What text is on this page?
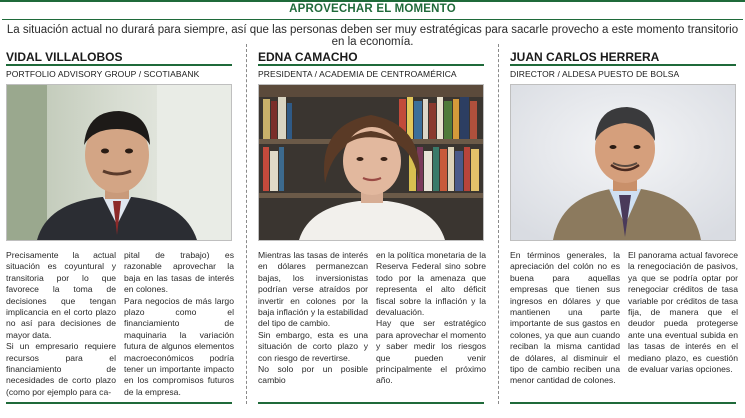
APROVECHAR EL MOMENTO
La situación actual no durará para siempre, así que las personas deben ser muy estratégicas para sacarle provecho a este momento transitorio en la economía.
VIDAL VILLALOBOS
PORTFOLIO ADVISORY GROUP / SCOTIABANK

Precisamente la actual situación es coyuntural y transitoria por lo que favorece la toma de decisiones que tengan implicancia en el corto plazo no así para decisiones de mayor data.

Si un empresario requiere recursos para el financiamiento de necesidades de corto plazo (como por ejemplo para ca-

pital de trabajo) es razonable aprovechar la baja en las tasas de interés en colones.

Para negocios de más largo plazo como el financiamiento de maquinaria la variación futura de algunos elementos macroeconómicos podría tener un importante impacto en los compromisos futuros de la empresa.

EDNA CAMACHO
PRESIDENTA / ACADEMIA DE CENTROAMÉRICA

Mientras las tasas de interés en dólares permanezcan bajas, los inversionistas podrían verse atraídos por invertir en colones por la baja inflación y la estabilidad del tipo de cambio.

Sin embargo, esta es una situación de corto plazo y con riesgo de revertirse.

No solo por un posible cambio

en la política monetaria de la Reserva Federal sino sobre todo por la amenaza que representa el alto déficit fiscal sobre la inflación y la devaluación.

Hay que ser estratégico para aprovechar el momento y saber medir los riesgos que pueden venir principalmente el próximo año.

JUAN CARLOS HERRERA
DIRECTOR / ALDESA PUESTO DE BOLSA

En términos generales, la apreciación del colón no es buena para aquellas empresas que tienen sus ingresos en dólares y que mantienen una parte importante de sus gastos en colones, ya que aun cuando reciban la misma cantidad de dólares, al disminuir el tipo de cambio reciben una menor cantidad de colones.

El panorama actual favorece la renegociación de pasivos, ya que se podría optar por renegociar créditos de tasa variable por créditos de tasa fija, de manera que el deudor pueda protegerse ante una eventual subida en las tasas de interés en el mediano plazo, es cuestión de evaluar varias opciones.
